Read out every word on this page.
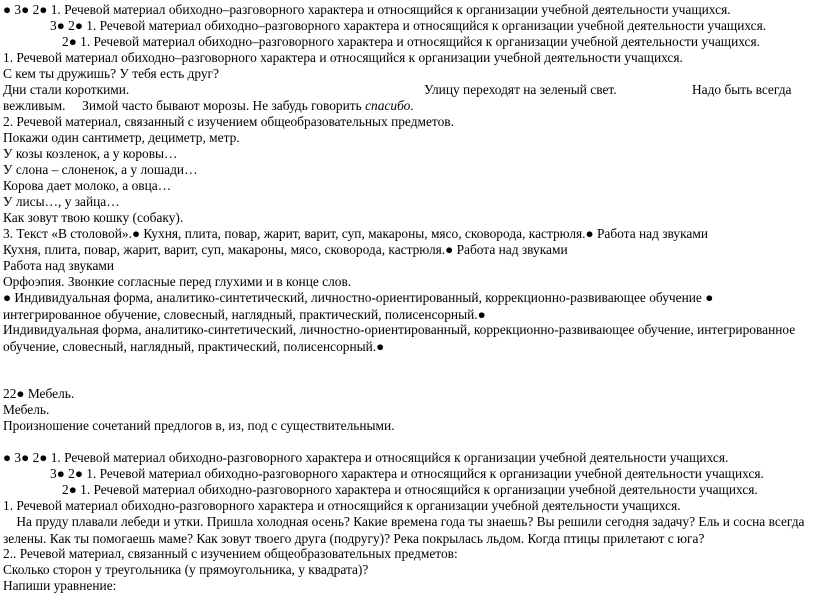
● 3● 2● 1. Речевой материал обиходно–разговорного характера и относящийся к организации учебной деятельности учащихся.
3● 2● 1. Речевой материал обиходно–разговорного характера и относящийся к организации учебной деятельности учащихся.
2● 1. Речевой материал обиходно–разговорного характера и относящийся к организации учебной деятельности учащихся.
1. Речевой материал обиходно–разговорного характера и относящийся к организации учебной деятельности учащихся.
С кем ты дружишь? У тебя есть друг?
Дни стали короткими.	Улицу переходят на зеленый свет.	Надо быть всегда
вежливым.     Зимой часто бывают морозы. Не забудь говорить спасибо.
2. Речевой материал, связанный с изучением общеобразовательных предметов.
Покажи один сантиметр, дециметр, метр.
У козы козленок, а у коровы…
У слона – слоненок, а у лошади…
Корова дает молоко, а овца…
У лисы…, у зайца…
Как зовут твою кошку (собаку).
3. Текст «В столовой».● Кухня, плита, повар, жарит, варит, суп, макароны, мясо, сковорода, кастрюля.● Работа над звуками
Кухня, плита, повар, жарит, варит, суп, макароны, мясо, сковорода, кастрюля.● Работа над звуками
Работа над звуками
Орфоэпия. Звонкие согласные перед глухими и в конце слов.
● Индивидуальная форма, аналитико-синтетический, личностно-ориентированный, коррекционно-развивающее обучение ● интегрированное обучение, словесный, наглядный, практический, полисенсорный.●
Индивидуальная форма, аналитико-синтетический, личностно-ориентированный, коррекционно-развивающее обучение, интегрированное обучение, словесный, наглядный, практический, полисенсорный.●
22● Мебель.
Мебель.
Произношение сочетаний предлогов в, из, под с существительными.
● 3● 2● 1. Речевой материал обиходно-разговорного характера и относящийся к организации учебной деятельности учащихся.
3● 2● 1. Речевой материал обиходно-разговорного характера и относящийся к организации учебной деятельности учащихся.
2● 1. Речевой материал обиходно-разговорного характера и относящийся к организации учебной деятельности учащихся.
1. Речевой материал обиходно-разговорного характера и относящийся к организации учебной деятельности учащихся.
На пруду плавали лебеди и утки. Пришла холодная осень? Какие времена года ты знаешь? Вы решили сегодня задачу? Ель и сосна всегда зелены. Как ты помогаешь маме? Как зовут твоего друга (подругу)? Река покрылась льдом. Когда птицы прилетают с юга?
2.. Речевой материал, связанный с изучением общеобразовательных предметов:
Сколько сторон у треугольника (у прямоугольника, у квадрата)?
Напиши уравнение:
